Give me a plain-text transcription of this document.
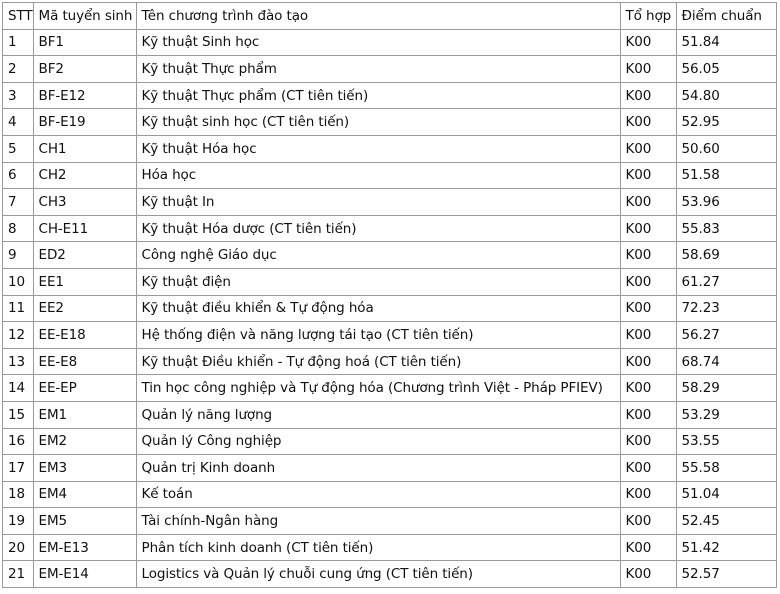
STT	Mã tuyển sinh	Tên chương trình đào tạo	Tổ hợp	Điểm chuẩn
1	BF1	Kỹ thuật Sinh học	K00	51.84
2	BF2	Kỹ thuật Thực phẩm	K00	56.05
3	BF-E12	Kỹ thuật Thực phẩm (CT tiên tiến)	K00	54.80
4	BF-E19	Kỹ thuật sinh học (CT tiên tiến)	K00	52.95
5	CH1	Kỹ thuật Hóa học	K00	50.60
6	CH2	Hóa học	K00	51.58
7	CH3	Kỹ thuật In	K00	53.96
8	CH-E11	Kỹ thuật Hóa dược (CT tiên tiến)	K00	55.83
9	ED2	Công nghệ Giáo dục	K00	58.69
10	EE1	Kỹ thuật điện	K00	61.27
11	EE2	Kỹ thuật điều khiển & Tự động hóa	K00	72.23
12	EE-E18	Hệ thống điện và năng lượng tái tạo (CT tiên tiến)	K00	56.27
13	EE-E8	Kỹ thuật Điều khiển - Tự động hoá (CT tiên tiến)	K00	68.74
14	EE-EP	Tin học công nghiệp và Tự động hóa (Chương trình Việt - Pháp PFIEV)	K00	58.29
15	EM1	Quản lý năng lượng	K00	53.29
16	EM2	Quản lý Công nghiệp	K00	53.55
17	EM3	Quản trị Kinh doanh	K00	55.58
18	EM4	Kế toán	K00	51.04
19	EM5	Tài chính-Ngân hàng	K00	52.45
20	EM-E13	Phân tích kinh doanh (CT tiên tiến)	K00	51.42
21	EM-E14	Logistics và Quản lý chuỗi cung ứng (CT tiên tiến)	K00	52.57
